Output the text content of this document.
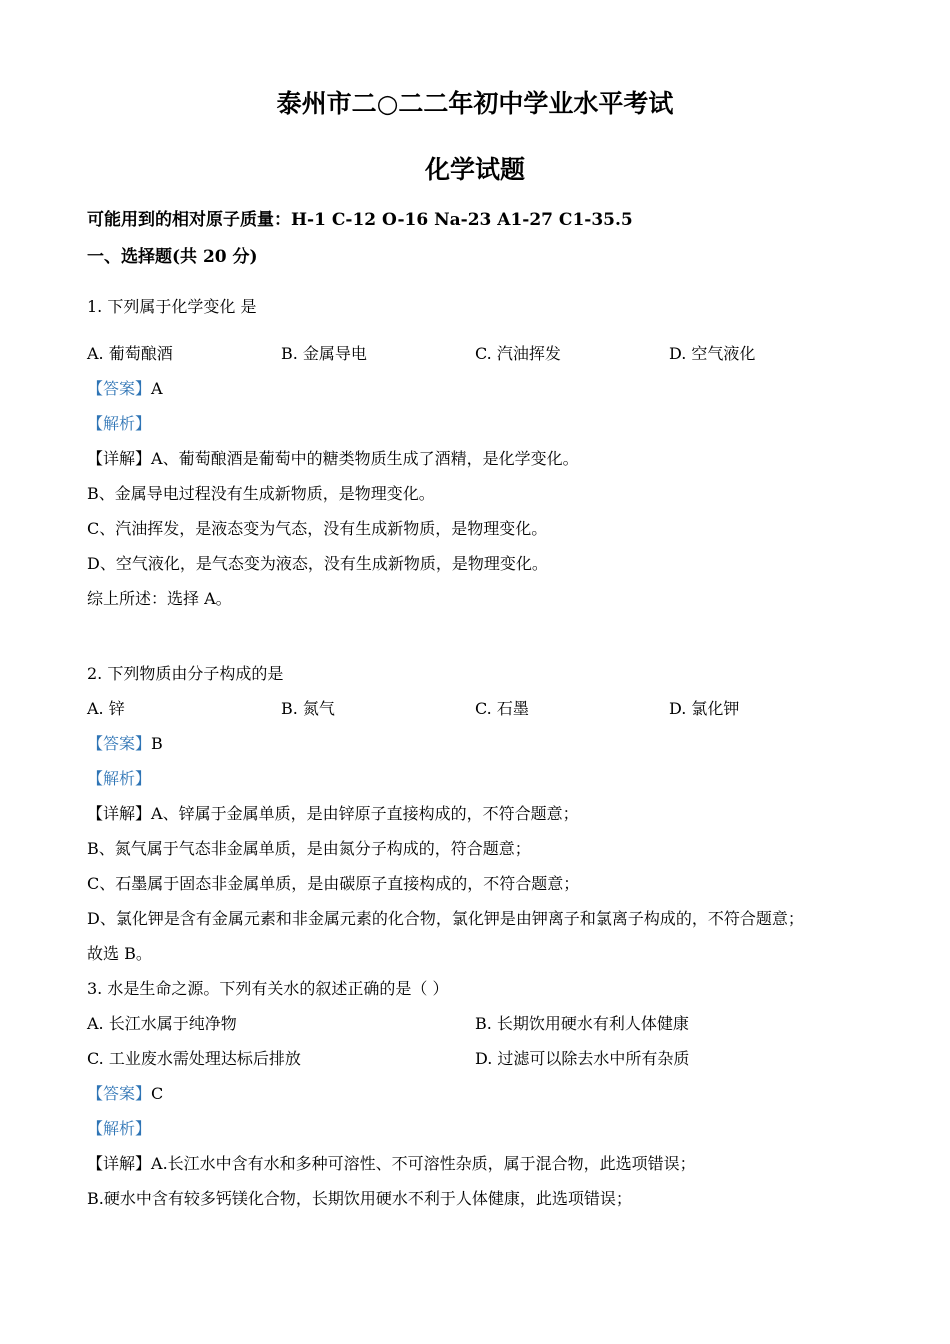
泰州市二○二二年初中学业水平考试
化学试题
可能用到的相对原子质量：H-1 C-12 O-16 Na-23 A1-27 C1-35.5
一、选择题(共 20 分)
1. 下列属于化学变化 是
A. 葡萄酿酒	B. 金属导电	C. 汽油挥发	D. 空气液化
【答案】A
【解析】
【详解】A、葡萄酿酒是葡萄中的糖类物质生成了酒精，是化学变化。
B、金属导电过程没有生成新物质，是物理变化。
C、汽油挥发，是液态变为气态，没有生成新物质，是物理变化。
D、空气液化，是气态变为液态，没有生成新物质，是物理变化。
综上所述：选择 A。
2. 下列物质由分子构成的是
A. 锌	B. 氮气	C. 石墨	D. 氯化钾
【答案】B
【解析】
【详解】A、锌属于金属单质，是由锌原子直接构成的，不符合题意；
B、氮气属于气态非金属单质，是由氮分子构成的，符合题意；
C、石墨属于固态非金属单质，是由碳原子直接构成的，不符合题意；
D、氯化钾是含有金属元素和非金属元素的化合物，氯化钾是由钾离子和氯离子构成的，不符合题意；
故选 B。
3. 水是生命之源。下列有关水的叙述正确的是（ ）
A. 长江水属于纯净物	B. 长期饮用硬水有利人体健康
C. 工业废水需处理达标后排放	D. 过滤可以除去水中所有杂质
【答案】C
【解析】
【详解】A.长江水中含有水和多种可溶性、不可溶性杂质，属于混合物，此选项错误；
B.硬水中含有较多钙镁化合物，长期饮用硬水不利于人体健康，此选项错误；
